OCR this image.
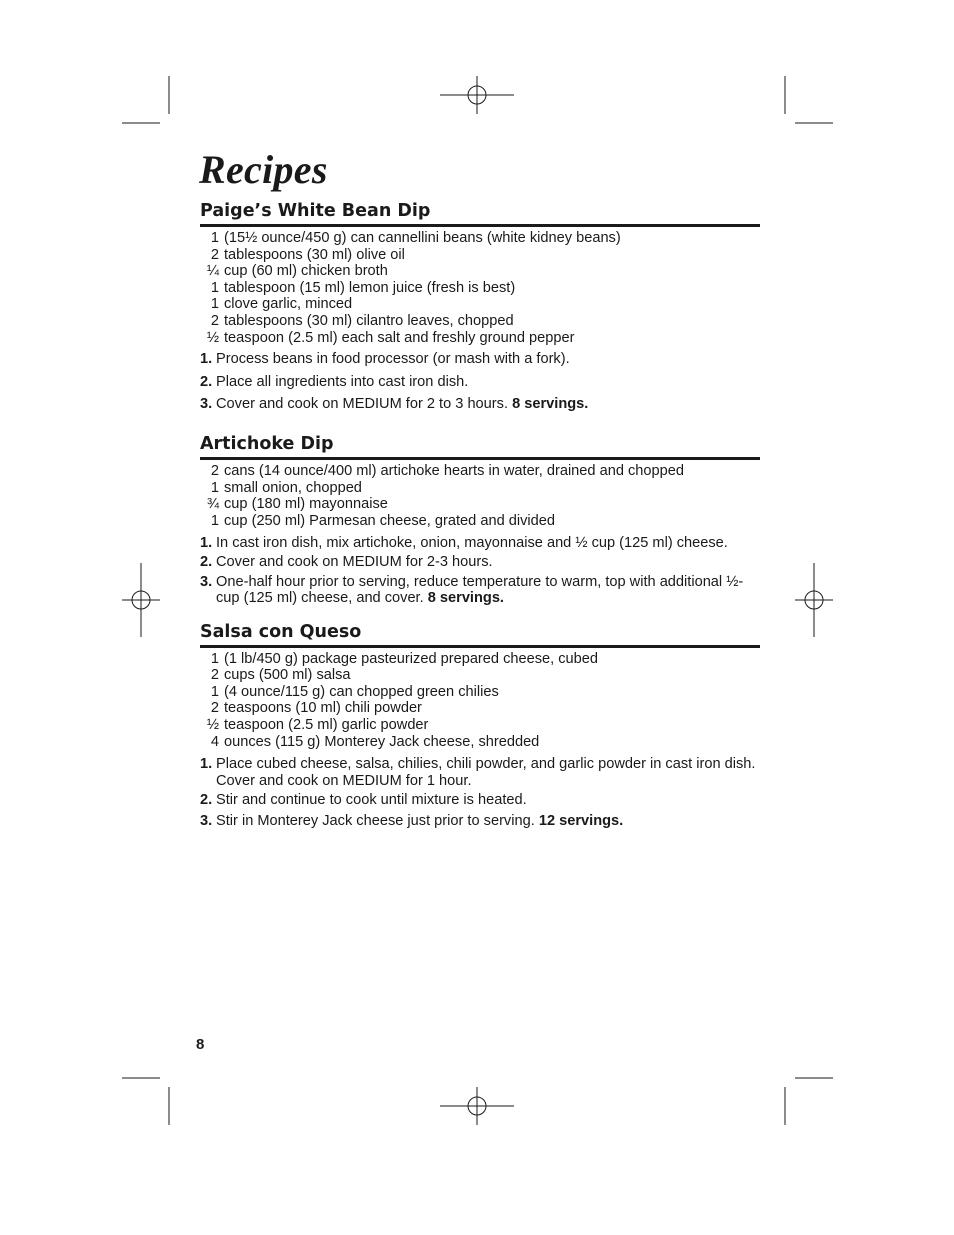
Recipes
Paige’s White Bean Dip
1 (15½ ounce/450 g) can cannellini beans (white kidney beans)
2 tablespoons (30 ml) olive oil
¼ cup (60 ml) chicken broth
1 tablespoon (15 ml) lemon juice (fresh is best)
1 clove garlic, minced
2 tablespoons (30 ml) cilantro leaves, chopped
½ teaspoon (2.5 ml) each salt and freshly ground pepper
1. Process beans in food processor (or mash with a fork).
2. Place all ingredients into cast iron dish.
3. Cover and cook on MEDIUM for 2 to 3 hours. 8 servings.
Artichoke Dip
2 cans (14 ounce/400 ml) artichoke hearts in water, drained and chopped
1 small onion, chopped
¾ cup (180 ml) mayonnaise
1 cup (250 ml) Parmesan cheese, grated and divided
1. In cast iron dish, mix artichoke, onion, mayonnaise and ½ cup (125 ml) cheese.
2. Cover and cook on MEDIUM for 2-3 hours.
3. One-half hour prior to serving, reduce temperature to warm, top with additional ½-cup (125 ml) cheese, and cover. 8 servings.
Salsa con Queso
1 (1 lb/450 g) package pasteurized prepared cheese, cubed
2 cups (500 ml) salsa
1 (4 ounce/115 g) can chopped green chilies
2 teaspoons (10 ml) chili powder
½ teaspoon (2.5 ml) garlic powder
4 ounces (115 g) Monterey Jack cheese, shredded
1. Place cubed cheese, salsa, chilies, chili powder, and garlic powder in cast iron dish. Cover and cook on MEDIUM for 1 hour.
2. Stir and continue to cook until mixture is heated.
3. Stir in Monterey Jack cheese just prior to serving. 12 servings.
8
